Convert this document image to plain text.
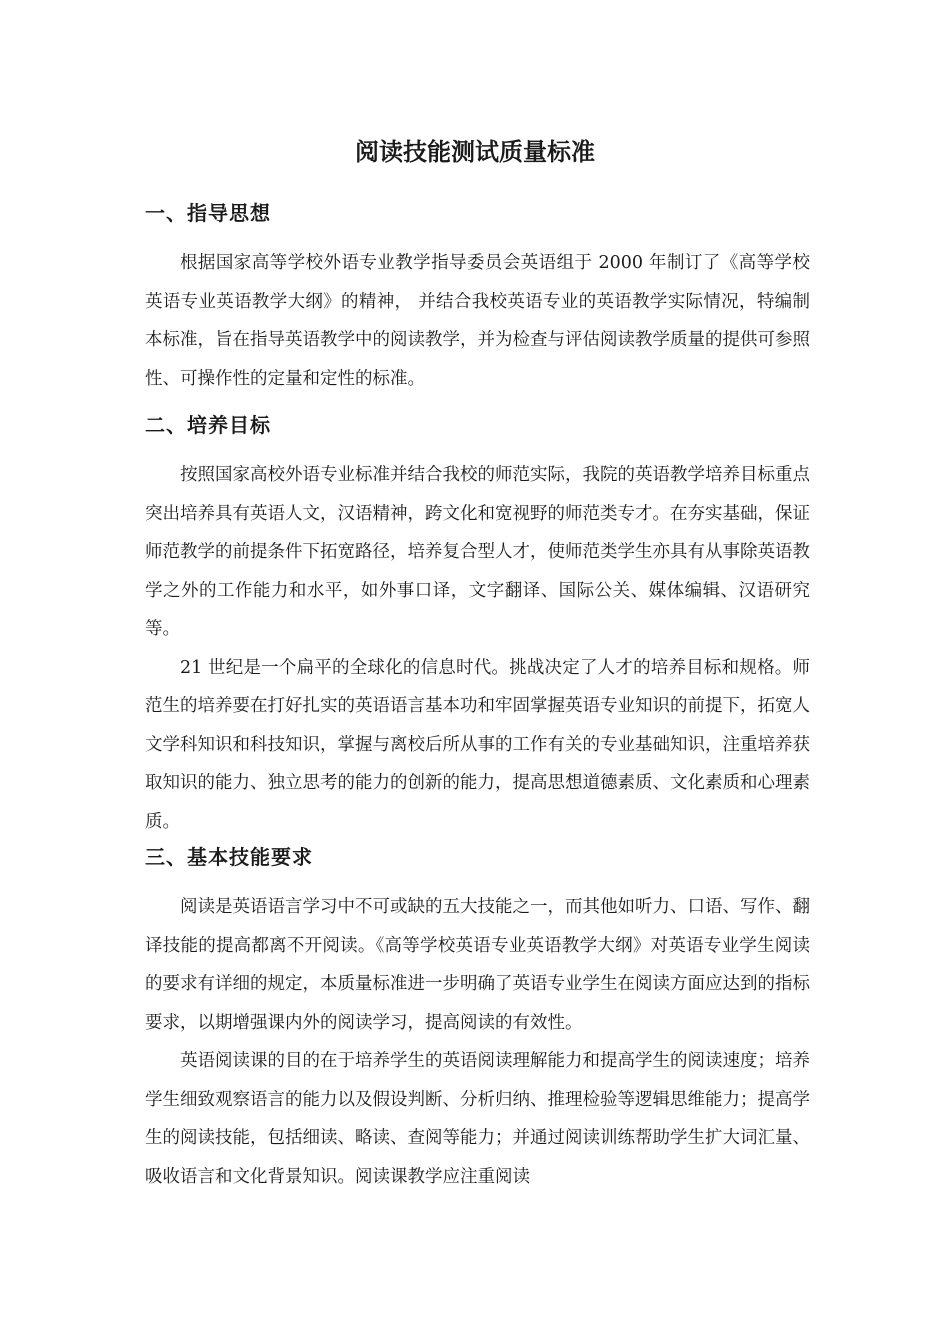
阅读技能测试质量标准
一、指导思想

根据国家高等学校外语专业教学指导委员会英语组于 2000 年制订了《高等学校英语专业英语教学大纲》的精神， 并结合我校英语专业的英语教学实际情况，特编制本标准，旨在指导英语教学中的阅读教学，并为检查与评估阅读教学质量的提供可参照性、可操作性的定量和定性的标准。

二、培养目标

按照国家高校外语专业标准并结合我校的师范实际，我院的英语教学培养目标重点突出培养具有英语人文，汉语精神，跨文化和宽视野的师范类专才。在夯实基础，保证师范教学的前提条件下拓宽路径，培养复合型人才，使师范类学生亦具有从事除英语教学之外的工作能力和水平，如外事口译，文字翻译、国际公关、媒体编辑、汉语研究等。

21 世纪是一个扁平的全球化的信息时代。挑战决定了人才的培养目标和规格。师范生的培养要在打好扎实的英语语言基本功和牢固掌握英语专业知识的前提下，拓宽人文学科知识和科技知识，掌握与离校后所从事的工作有关的专业基础知识，注重培养获取知识的能力、独立思考的能力的创新的能力，提高思想道德素质、文化素质和心理素质。

三、基本技能要求

阅读是英语语言学习中不可或缺的五大技能之一，而其他如听力、口语、写作、翻译技能的提高都离不开阅读。《高等学校英语专业英语教学大纲》对英语专业学生阅读的要求有详细的规定，本质量标准进一步明确了英语专业学生在阅读方面应达到的指标要求，以期增强课内外的阅读学习，提高阅读的有效性。

英语阅读课的目的在于培养学生的英语阅读理解能力和提高学生的阅读速度；培养学生细致观察语言的能力以及假设判断、分析归纳、推理检验等逻辑思维能力；提高学生的阅读技能，包括细读、略读、查阅等能力；并通过阅读训练帮助学生扩大词汇量、吸收语言和文化背景知识。阅读课教学应注重阅读
